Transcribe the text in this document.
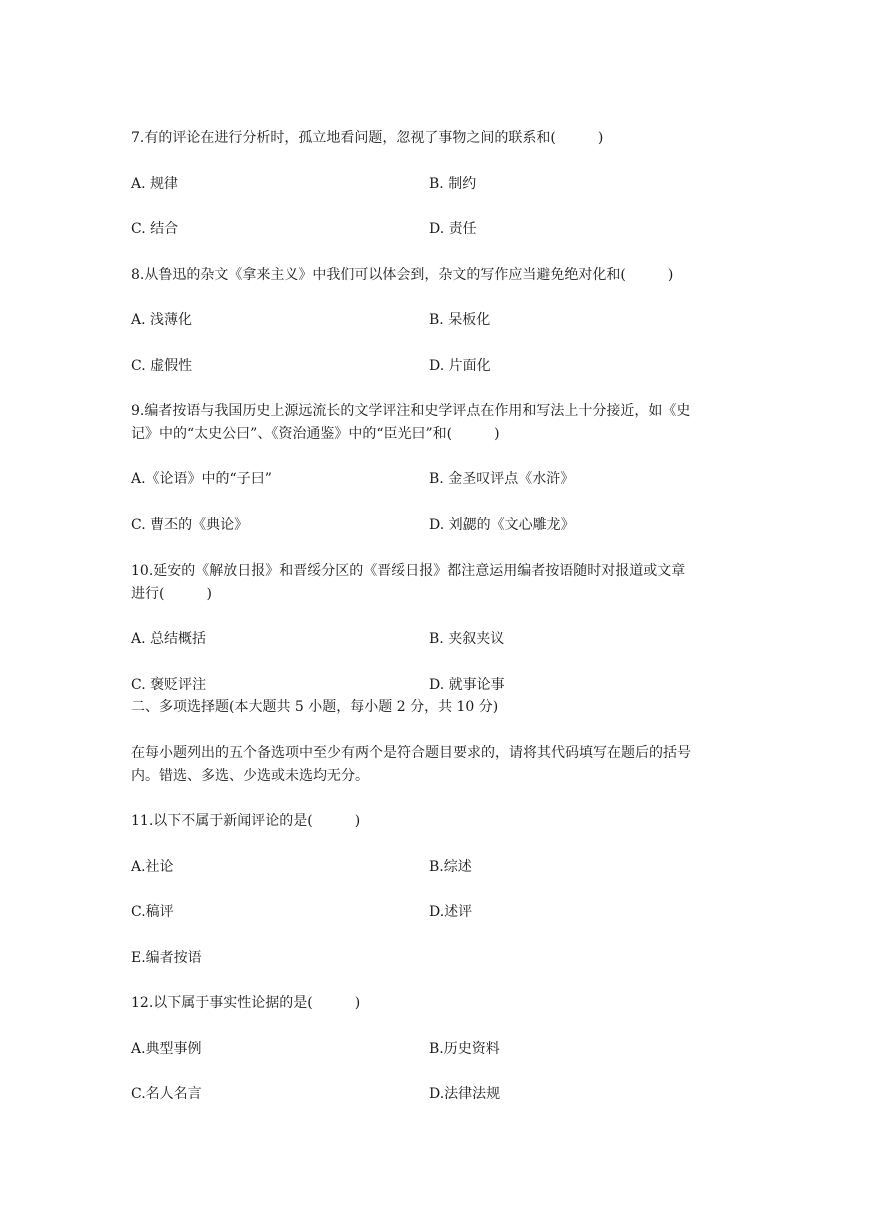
7.有的评论在进行分析时，孤立地看问题，忽视了事物之间的联系和(　　　)
A. 规律	B. 制约
C. 结合	D. 责任
8.从鲁迅的杂文《拿来主义》中我们可以体会到，杂文的写作应当避免绝对化和(　　　)
A. 浅薄化	B. 呆板化
C. 虚假性	D. 片面化
9.编者按语与我国历史上源远流长的文学评注和史学评点在作用和写法上十分接近，如《史
记》中的“太史公曰”、《资治通鉴》中的“臣光曰”和(　　　)
A.《论语》中的“子曰”	B. 金圣叹评点《水浒》
C. 曹丕的《典论》	D. 刘勰的《文心雕龙》
10.延安的《解放日报》和晋绥分区的《晋绥日报》都注意运用编者按语随时对报道或文章
进行(　　　)
A. 总结概括	B. 夹叙夹议
C. 褒贬评注	D. 就事论事
二、多项选择题(本大题共 5 小题，每小题 2 分，共 10 分)
在每小题列出的五个备选项中至少有两个是符合题目要求的，请将其代码填写在题后的括号
内。错选、多选、少选或未选均无分。
11.以下不属于新闻评论的是(　　　)
A.社论	B.综述
C.稿评	D.述评
E.编者按语
12.以下属于事实性论据的是(　　　)
A.典型事例	B.历史资料
C.名人名言	D.法律法规
